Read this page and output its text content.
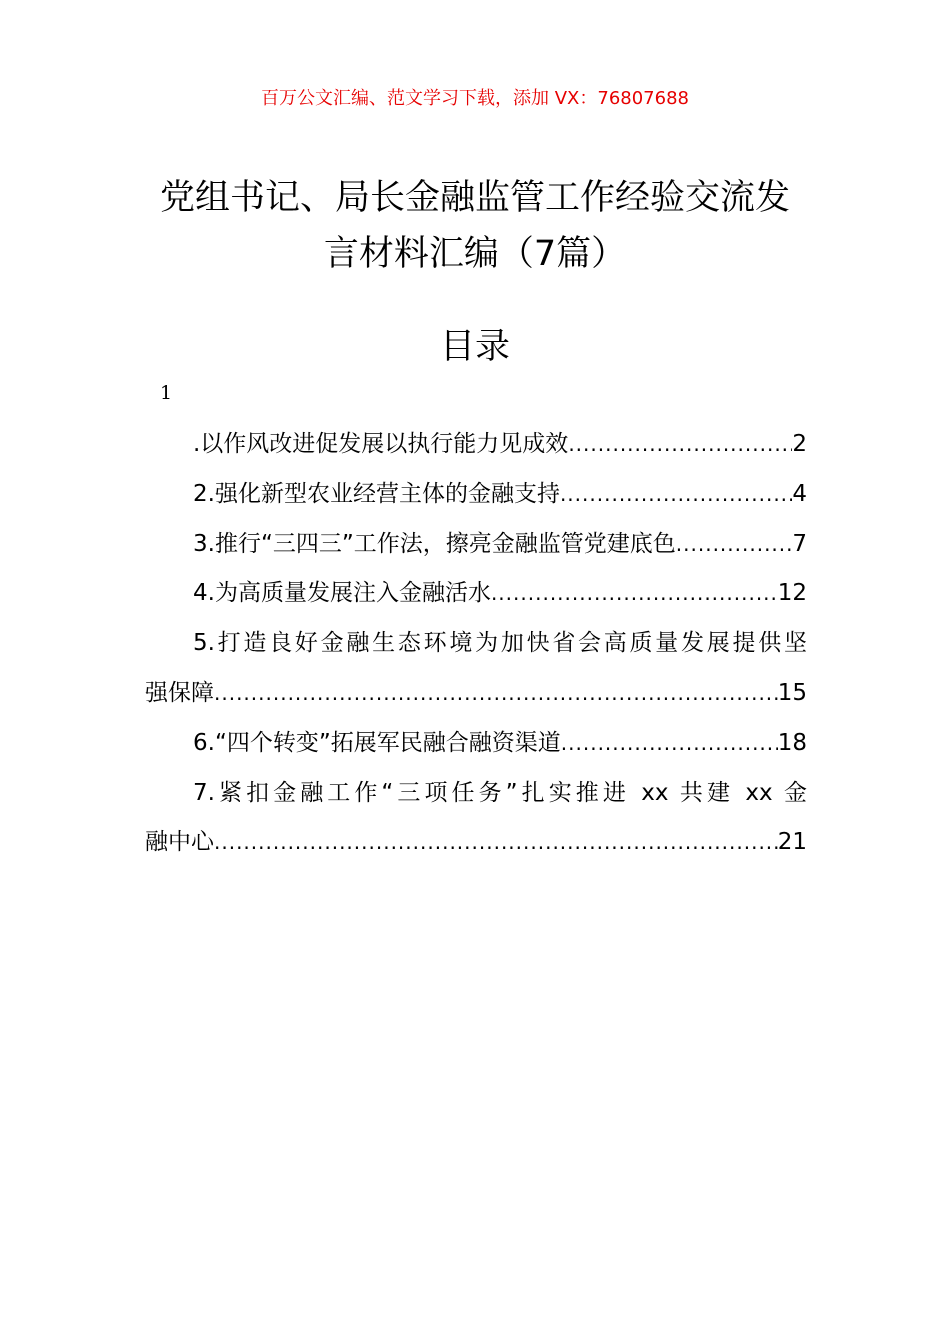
百万公文汇编、范文学习下载，添加 VX：76807688
党组书记、局长金融监管工作经验交流发
言材料汇编（7篇）
目录
1
.以作风改进促发展以执行能力见成效 .....	2
2.强化新型农业经营主体的金融支持 .....	4
3.推行“三四三”工作法，擦亮金融监管党建底色 .....	7
4.为高质量发展注入金融活水 .....	12
5.打造良好金融生态环境为加快省会高质量发展提供坚
强保障 .....	15
6.“四个转变”拓展军民融合融资渠道 .....	18
7.紧扣金融工作“三项任务”扎实推进 xx 共建 xx 金
融中心 .....	21
